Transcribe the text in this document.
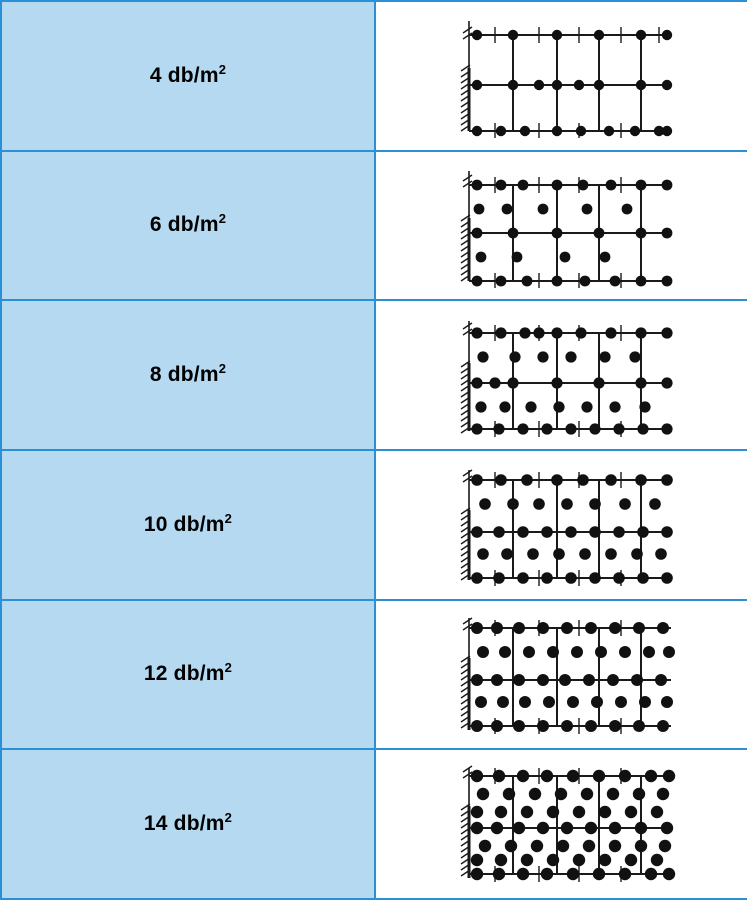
4 $db/m^2$	

6 $db/m^2$	

8 $db/m^2$	

10 $db/m^2$	

12 $db/m^2$	

14 $db/m^2$	
